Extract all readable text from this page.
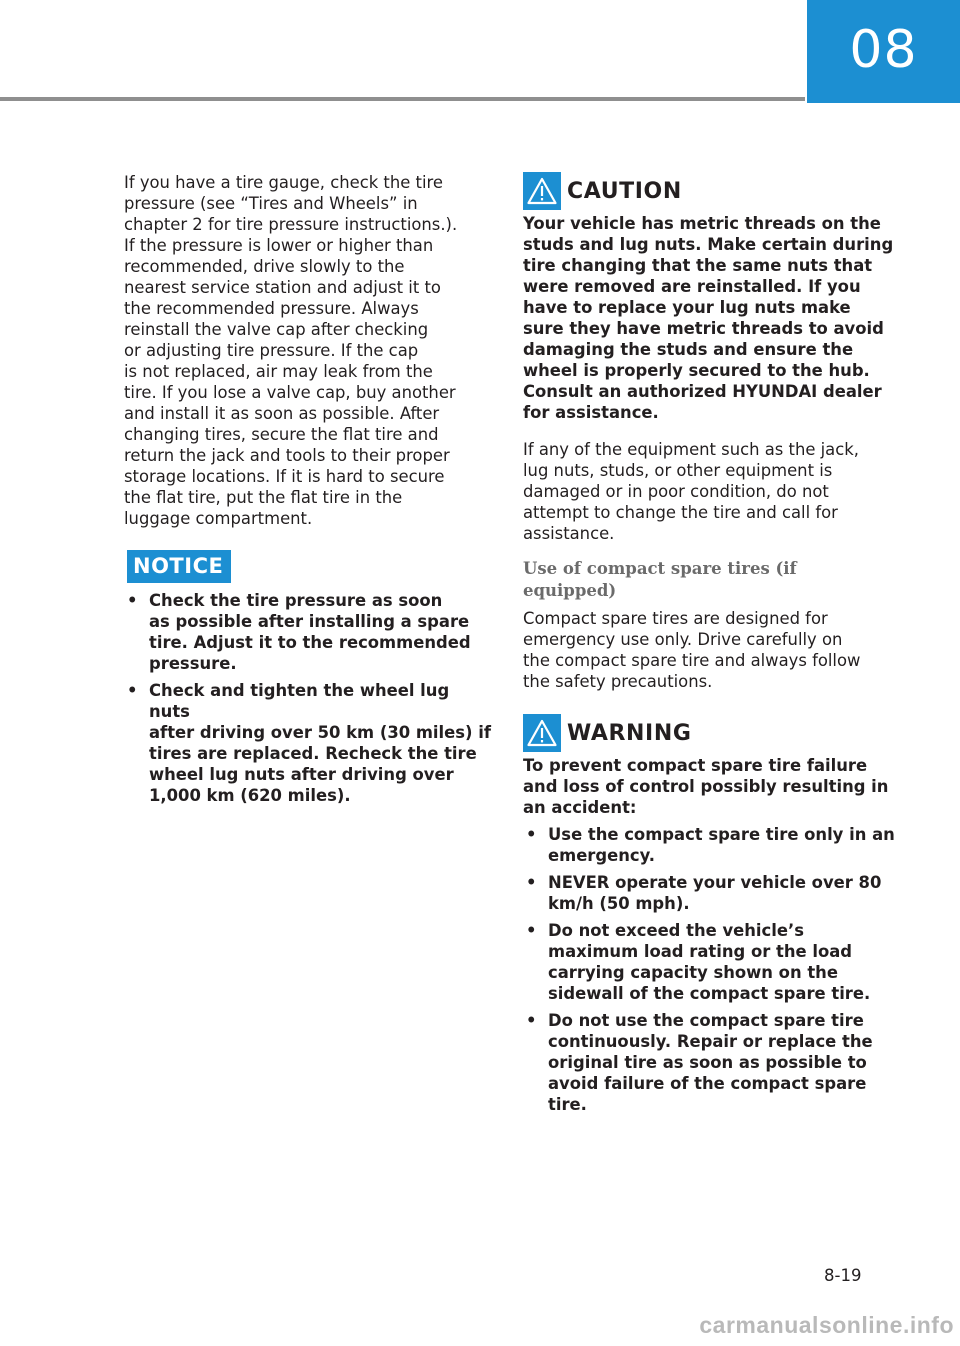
08

If you have a tire gauge, check the tire
pressure (see “Tires and Wheels” in
chapter 2 for tire pressure instructions.).
If the pressure is lower or higher than
recommended, drive slowly to the
nearest service station and adjust it to
the recommended pressure. Always
reinstall the valve cap after checking
or adjusting tire pressure. If the cap
is not replaced, air may leak from the
tire. If you lose a valve cap, buy another
and install it as soon as possible. After
changing tires, secure the flat tire and
return the jack and tools to their proper
storage locations. If it is hard to secure
the flat tire, put the flat tire in the
luggage compartment.

NOTICE
• Check the tire pressure as soon
as possible after installing a spare
tire. Adjust it to the recommended
pressure.
• Check and tighten the wheel lug nuts
after driving over 50 km (30 miles) if
tires are replaced. Recheck the tire
wheel lug nuts after driving over
1,000 km (620 miles).
CAUTION

Your vehicle has metric threads on the
studs and lug nuts. Make certain during
tire changing that the same nuts that
were removed are reinstalled. If you
have to replace your lug nuts make
sure they have metric threads to avoid
damaging the studs and ensure the
wheel is properly secured to the hub.
Consult an authorized HYUNDAI dealer
for assistance.

If any of the equipment such as the jack,
lug nuts, studs, or other equipment is
damaged or in poor condition, do not
attempt to change the tire and call for
assistance.

Use of compact spare tires (if equipped)

Compact spare tires are designed for
emergency use only. Drive carefully on
the compact spare tire and always follow
the safety precautions.

WARNING

To prevent compact spare tire failure
and loss of control possibly resulting in
an accident:

• Use the compact spare tire only in an
emergency.
• NEVER operate your vehicle over 80
km/h (50 mph).
• Do not exceed the vehicle’s
maximum load rating or the load
carrying capacity shown on the
sidewall of the compact spare tire.
• Do not use the compact spare tire
continuously. Repair or replace the
original tire as soon as possible to
avoid failure of the compact spare
tire.
8-19
carmanualsonline.info
